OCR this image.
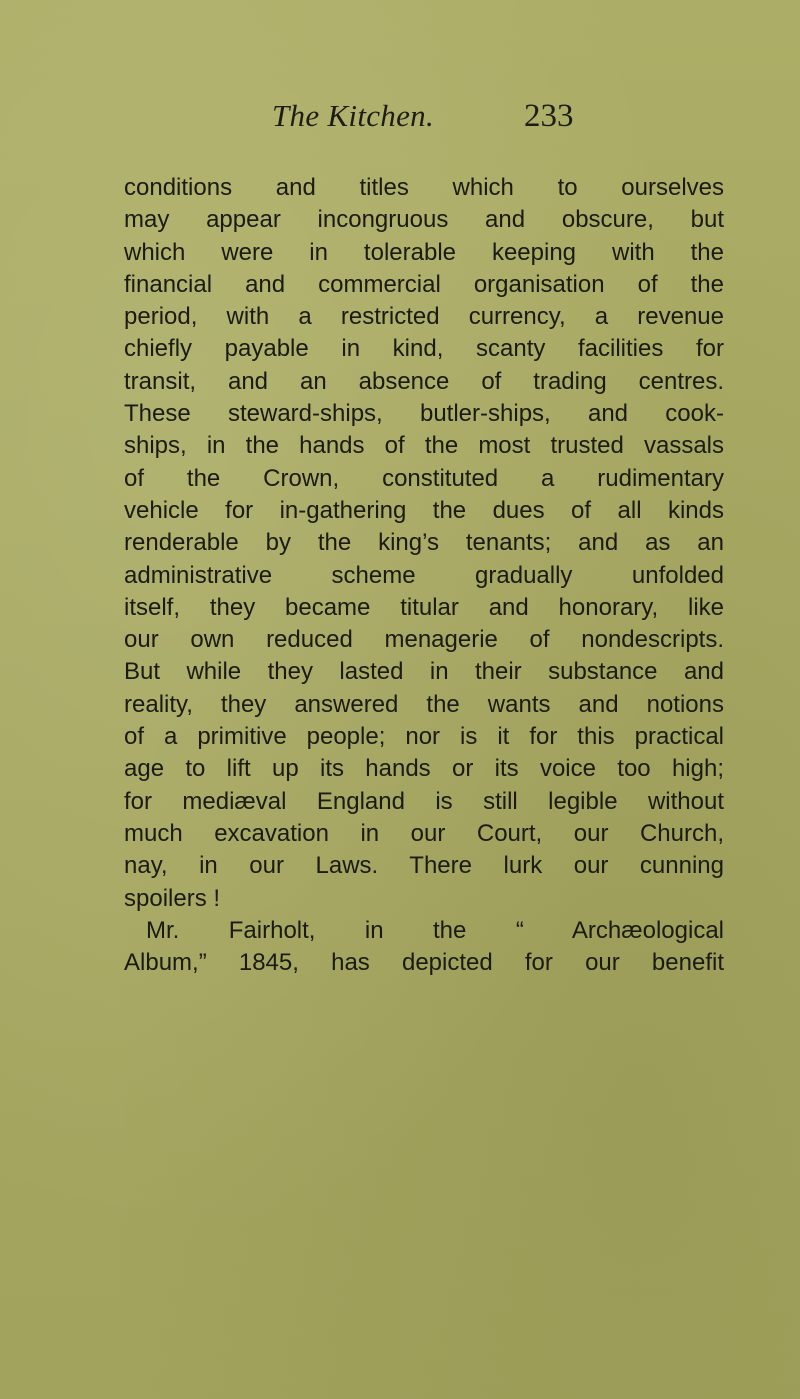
The Kitchen.	233
conditions and titles which to ourselves
may appear incongruous and obscure, but
which were in tolerable keeping with the
financial and commercial organisation of the
period, with a restricted currency, a revenue
chiefly payable in kind, scanty facilities for
transit, and an absence of trading centres.
These steward-ships, butler-ships, and cook-
ships, in the hands of the most trusted vassals
of the Crown, constituted a rudimentary
vehicle for in-gathering the dues of all kinds
renderable by the king’s tenants; and as an
administrative scheme gradually unfolded
itself, they became titular and honorary, like
our own reduced menagerie of nondescripts.
But while they lasted in their substance and
reality, they answered the wants and notions
of a primitive people; nor is it for this practical
age to lift up its hands or its voice too high;
for mediæval England is still legible without
much excavation in our Court, our Church,
nay, in our Laws. There lurk our cunning
spoilers !
Mr. Fairholt, in the “ Archæological
Album,” 1845, has depicted for our benefit
